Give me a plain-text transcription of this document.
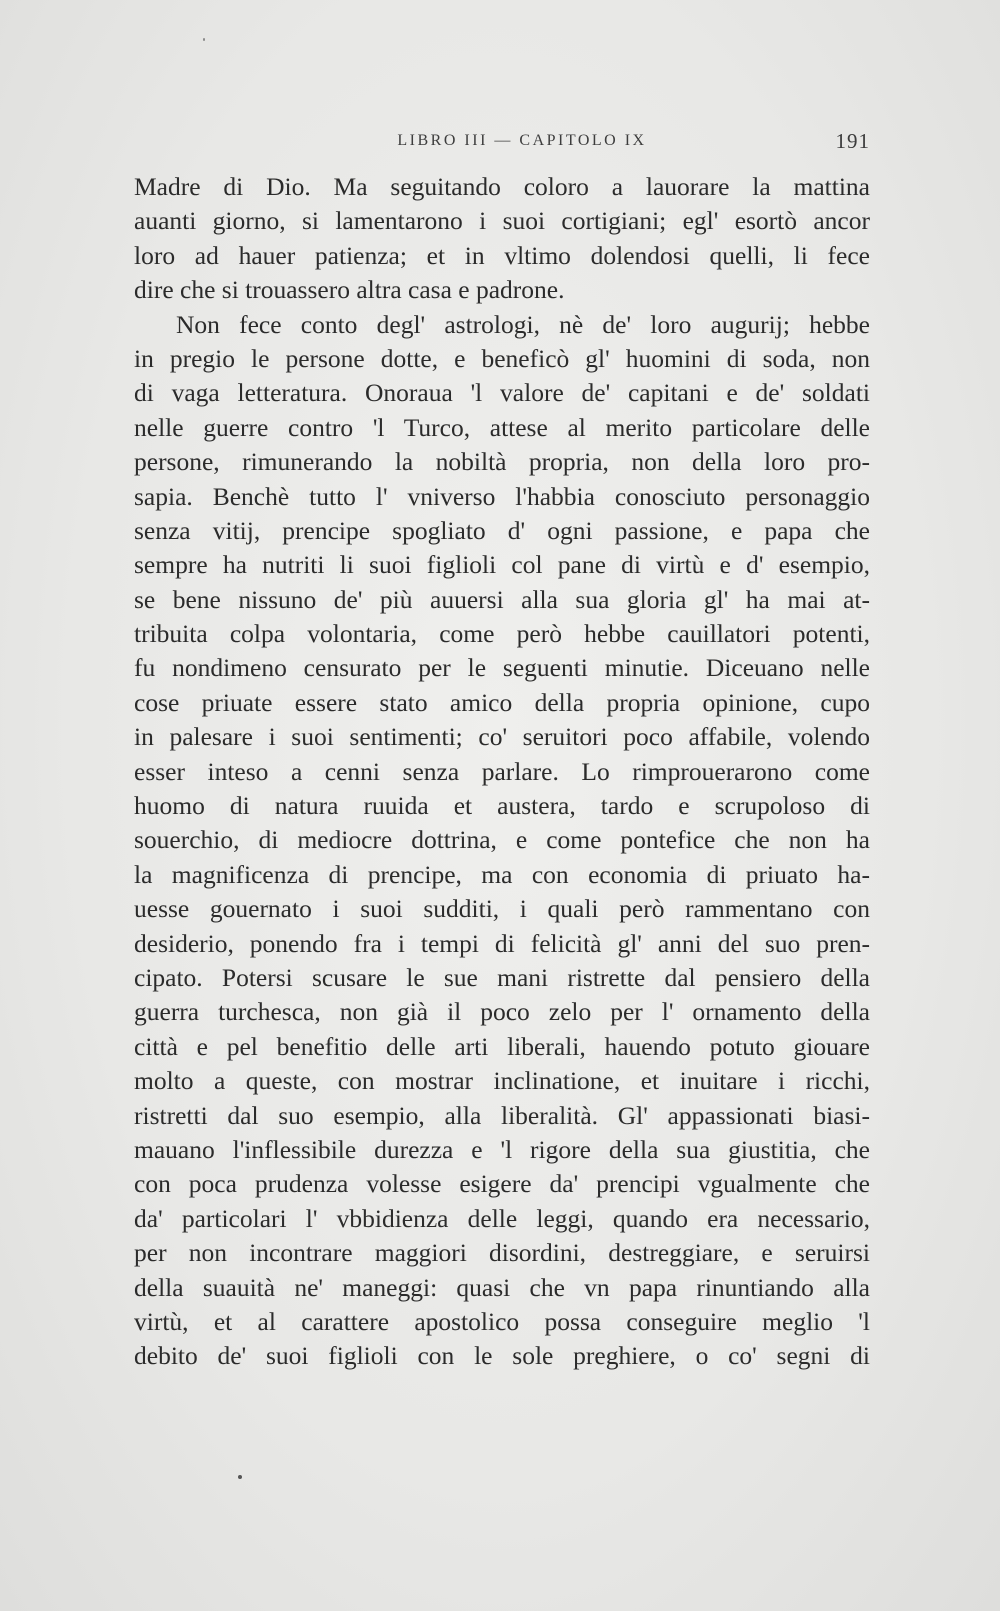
LIBRO III — CAPITOLO IX	191
Madre di Dio. Ma seguitando coloro a lauorare la mattina
auanti giorno, si lamentarono i suoi cortigiani; egl' esortò ancor
loro ad hauer patienza; et in vltimo dolendosi quelli, li fece
dire che si trouassero altra casa e padrone.
Non fece conto degl' astrologi, nè de' loro augurij; hebbe
in pregio le persone dotte, e beneficò gl' huomini di soda, non
di vaga letteratura. Onoraua 'l valore de' capitani e de' soldati
nelle guerre contro 'l Turco, attese al merito particolare delle
persone, rimunerando la nobiltà propria, non della loro pro-
sapia. Benchè tutto l' vniverso l'habbia conosciuto personaggio
senza vitij, prencipe spogliato d' ogni passione, e papa che
sempre ha nutriti li suoi figlioli col pane di virtù e d' esempio,
se bene nissuno de' più auuersi alla sua gloria gl' ha mai at-
tribuita colpa volontaria, come però hebbe cauillatori potenti,
fu nondimeno censurato per le seguenti minutie. Diceuano nelle
cose priuate essere stato amico della propria opinione, cupo
in palesare i suoi sentimenti; co' seruitori poco affabile, volendo
esser inteso a cenni senza parlare. Lo rimprouerarono come
huomo di natura ruuida et austera, tardo e scrupoloso di
souerchio, di mediocre dottrina, e come pontefice che non ha
la magnificenza di prencipe, ma con economia di priuato ha-
uesse gouernato i suoi sudditi, i quali però rammentano con
desiderio, ponendo fra i tempi di felicità gl' anni del suo pren-
cipato. Potersi scusare le sue mani ristrette dal pensiero della
guerra turchesca, non già il poco zelo per l' ornamento della
città e pel benefitio delle arti liberali, hauendo potuto giouare
molto a queste, con mostrar inclinatione, et inuitare i ricchi,
ristretti dal suo esempio, alla liberalità. Gl' appassionati biasi-
mauano l'inflessibile durezza e 'l rigore della sua giustitia, che
con poca prudenza volesse esigere da' prencipi vgualmente che
da' particolari l' vbbidienza delle leggi, quando era necessario,
per non incontrare maggiori disordini, destreggiare, e seruirsi
della suauità ne' maneggi: quasi che vn papa rinuntiando alla
virtù, et al carattere apostolico possa conseguire meglio 'l
debito de' suoi figlioli con le sole preghiere, o co' segni di
